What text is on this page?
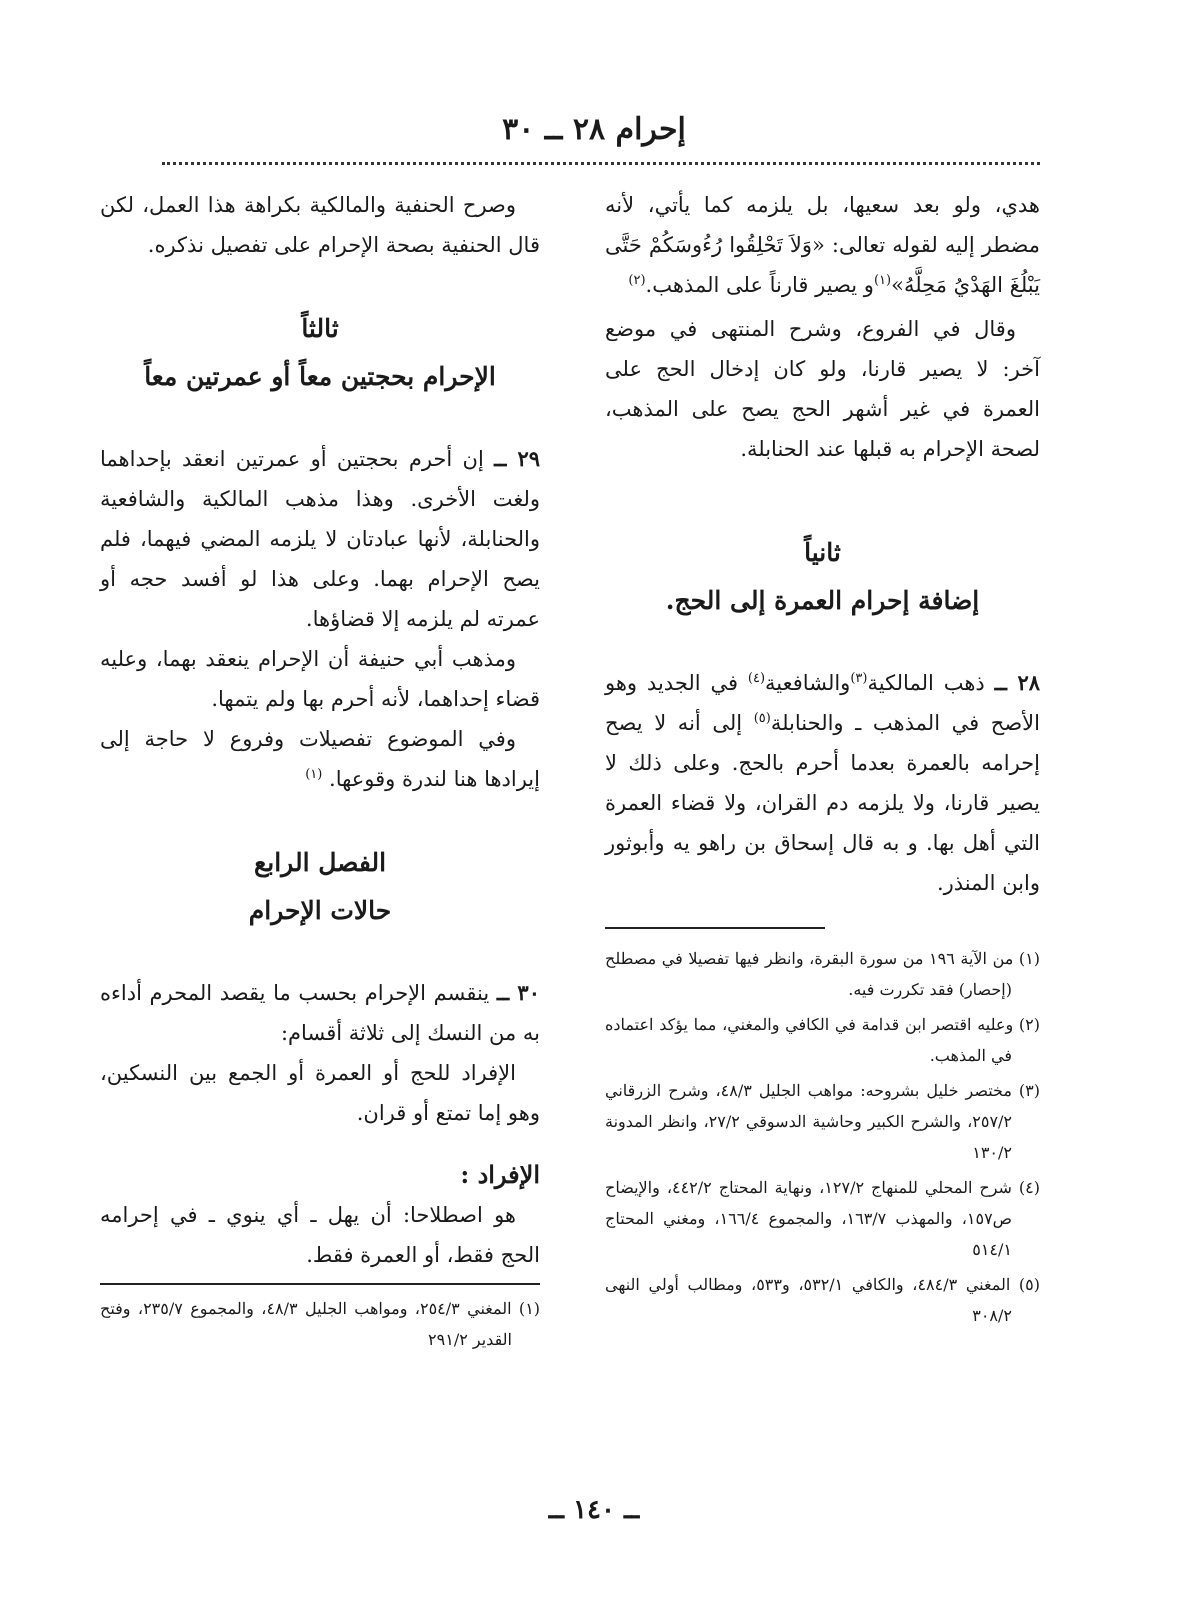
إحرام ٢٨ ــ ٣٠

هدي، ولو بعد سعيها، بل يلزمه كما يأتي، لأنه مضطر إليه لقوله تعالى: «وَلاَ تَحْلِقُوا رُءُوسَكُمْ حَتَّى يَبْلُغَ الهَدْيُ مَحِلَّهُ»$^{(١)}$و يصير قارناً على المذهب.$^{(٢)}$

وقال في الفروع، وشرح المنتهى في موضع آخر: لا يصير قارنا، ولو كان إدخال الحج على العمرة في غير أشهر الحج يصح على المذهب، لصحة الإحرام به قبلها عند الحنابلة.

ثانياً

إضافة إحرام العمرة إلى الحج.

٢٨ ــ ذهب المالكية$^{(٣)}$والشافعية$^{(٤)}$ في الجديد وهو الأصح في المذهب ـ والحنابلة$^{(٥)}$ إلى أنه لا يصح إحرامه بالعمرة بعدما أحرم بالحج. وعلى ذلك لا يصير قارنا، ولا يلزمه دم القران، ولا قضاء العمرة التي أهل بها. و به قال إسحاق بن راهو يه وأبوثور وابن المنذر.

(١) من الآية ١٩٦ من سورة البقرة، وانظر فيها تفصيلا في مصطلح (إحصار) فقد تكررت فيه.

(٢) وعليه اقتصر ابن قدامة في الكافي والمغني، مما يؤكد اعتماده في المذهب.

(٣) مختصر خليل بشروحه: مواهب الجليل ٤٨/٣، وشرح الزرقاني ٢٥٧/٢، والشرح الكبير وحاشية الدسوقي ٢٧/٢، وانظر المدونة ١٣٠/٢

(٤) شرح المحلي للمنهاج ١٢٧/٢، ونهاية المحتاج ٤٤٢/٢، والإيضاح ص١٥٧، والمهذب ١٦٣/٧، والمجموع ١٦٦/٤، ومغني المحتاج ٥١٤/١

(٥) المغني ٤٨٤/٣، والكافي ٥٣٢/١، و٥٣٣، ومطالب أولي النهى ٣٠٨/٢

وصرح الحنفية والمالكية بكراهة هذا العمل، لكن قال الحنفية بصحة الإحرام على تفصيل نذكره.

ثالثاً

الإحرام بحجتين معاً أو عمرتين معاً

٢٩ ــ إن أحرم بحجتين أو عمرتين انعقد بإحداهما ولغت الأخرى. وهذا مذهب المالكية والشافعية والحنابلة، لأنها عبادتان لا يلزمه المضي فيهما، فلم يصح الإحرام بهما. وعلى هذا لو أفسد حجه أو عمرته لم يلزمه إلا قضاؤها.

ومذهب أبي حنيفة أن الإحرام ينعقد بهما، وعليه قضاء إحداهما، لأنه أحرم بها ولم يتمها.

وفي الموضوع تفصيلات وفروع لا حاجة إلى إيرادها هنا لندرة وقوعها. $^{(١)}$

الفصل الرابع

حالات الإحرام

٣٠ ــ ينقسم الإحرام بحسب ما يقصد المحرم أداءه به من النسك إلى ثلاثة أقسام:

الإفراد للحج أو العمرة أو الجمع بين النسكين، وهو إما تمتع أو قران.

الإفراد :

هو اصطلاحا: أن يهل ـ أي ينوي ـ في إحرامه الحج فقط، أو العمرة فقط.

(١) المغني ٢٥٤/٣، ومواهب الجليل ٤٨/٣، والمجموع ٢٣٥/٧، وفتح القدير ٢٩١/٢

ــ ١٤٠ ــ
